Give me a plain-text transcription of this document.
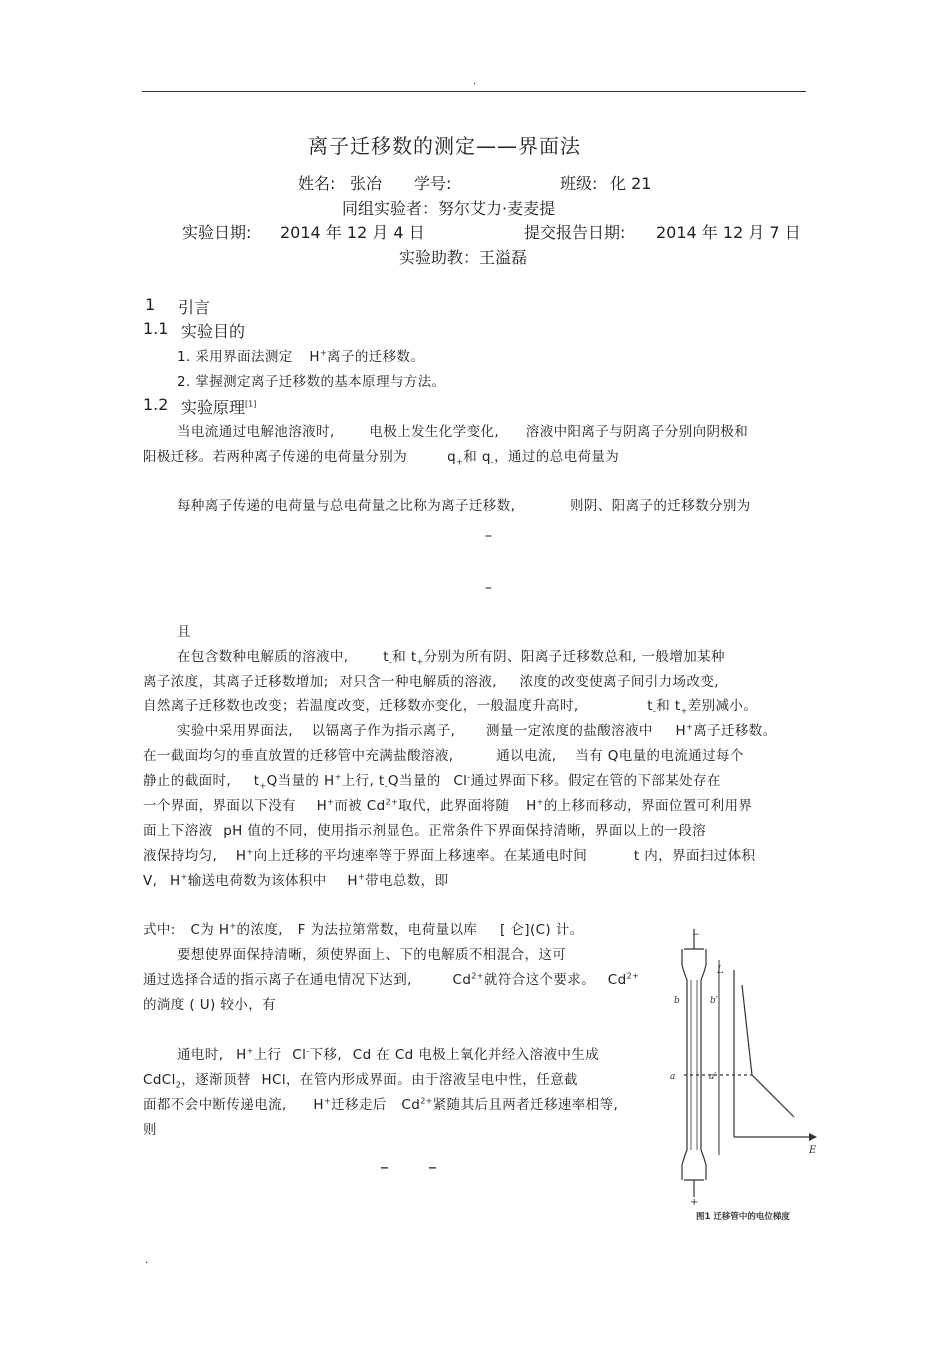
.
离子迁移数的测定——界面法
姓名: 张冶 学号:	班级: 化 21
同组实验者：努尔艾力·麦麦提
实验日期: 2014 年 12 月 4 日	提交报告日期: 2014 年 12 月 7 日
实验助教：王溢磊
1 引言
1.1 实验目的
1. 采用界面法测定 H+离子的迁移数。
2. 掌握测定离子迁移数的基本原理与方法。
1.2 实验原理[1]
当电流通过电解池溶液时,	电极上发生化学变化, 溶液中阳离子与阴离子分别向阴极和
阳极迁移。若两种离子传递的电荷量分别为	$q_+$和 $q_-$，通过的总电荷量为
每种离子传递的电荷量与总电荷量之比称为离子迁移数,	则阴、阳离子的迁移数分别为
–
–
且
在包含数种电解质的溶液中,	$t_-$和 $t_+$分别为所有阴、阳离子迁移数总和, 一般增加某种
离子浓度，其离子迁移数增加; 对只含一种电解质的溶液, 浓度的改变使离子间引力场改变,
自然离子迁移数也改变；若温度改变，迁移数亦变化，一般温度升高时,	$t_-$和 $t_+$差别减小。
实验中采用界面法, 以镉离子作为指示离子, 测量一定浓度的盐酸溶液中 H+离子迁移数。
在一截面均匀的垂直放置的迁移管中充满盐酸溶液,	通以电流, 当有 Q电量的电流通过每个
静止的截面时, $t_+Q$当量的 H+上行, $t_-Q$当量的 Cl-通过界面下移。假定在管的下部某处存在
一个界面，界面以下没有 H+而被 $Cd^{2+}$取代，此界面将随 H+的上移而移动，界面位置可利用界
面上下溶液 pH 值的不同，使用指示剂显色。正常条件下界面保持清晰，界面以上的一段溶
液保持均匀, H+向上迁移的平均速率等于界面上移速率。在某通电时间	t 内，界面扫过体积
V, H+输送电荷数为该体积中 H+带电总数，即
式中: C为 H+的浓度, F 为法拉第常数，电荷量以库 [ 仑](C) 计。
要想使界面保持清晰，须使界面上、下的电解质不相混合，这可
通过选择合适的指示离子在通电情况下达到,	$Cd^{2+}$就符合这个要求。 $Cd^{2+}$
的淌度 ( U) 较小，有
通电时, H+上行 Cl-下移, Cd 在 Cd 电极上氧化并经入溶液中生成
CdCl$_2$，逐渐顶替 HCl，在管内形成界面。由于溶液呈电中性，任意截
面都不会中断传递电流, H+迁移走后 $Cd^{2+}$紧随其后且两者迁移速率相等,
则
– –
−
+
L
E
b	b′
a	a′
图1 迁移管中的电位梯度
.
